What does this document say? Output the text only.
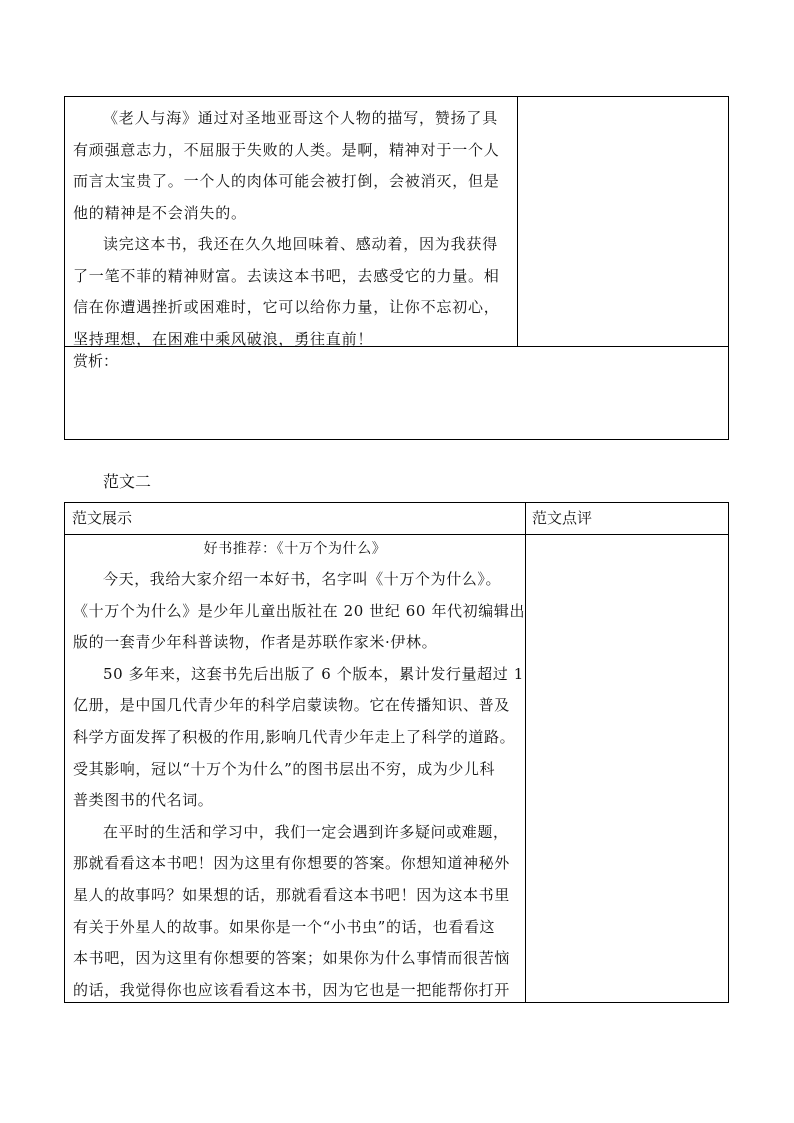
《老人与海》通过对圣地亚哥这个人物的描写，赞扬了具有顽强意志力，不屈服于失败的人类。是啊，精神对于一个人而言太宝贵了。一个人的肉体可能会被打倒，会被消灭，但是他的精神是不会消失的。

读完这本书，我还在久久地回味着、感动着，因为我获得了一笔不菲的精神财富。去读这本书吧，去感受它的力量。相信在你遭遇挫折或困难时，它可以给你力量，让你不忘初心，坚持理想，在困难中乘风破浪，勇往直前！

赏析：
范文二
范文展示	范文点评
好书推荐：《十万个为什么》
今天，我给大家介绍一本好书，名字叫《十万个为什么》。
《十万个为什么》是少年儿童出版社在 20 世纪 60 年代初编辑出
版的一套青少年科普读物，作者是苏联作家米·伊林。
50 多年来，这套书先后出版了 6 个版本，累计发行量超过 1
亿册，是中国几代青少年的科学启蒙读物。它在传播知识、普及
科学方面发挥了积极的作用,影响几代青少年走上了科学的道路。
受其影响，冠以“十万个为什么”的图书层出不穷，成为少儿科
普类图书的代名词。
在平时的生活和学习中，我们一定会遇到许多疑问或难题，
那就看看这本书吧！因为这里有你想要的答案。你想知道神秘外
星人的故事吗？如果想的话，那就看看这本书吧！因为这本书里
有关于外星人的故事。如果你是一个“小书虫”的话，也看看这
本书吧，因为这里有你想要的答案；如果你为什么事情而很苦恼
的话，我觉得你也应该看看这本书，因为它也是一把能帮你打开
